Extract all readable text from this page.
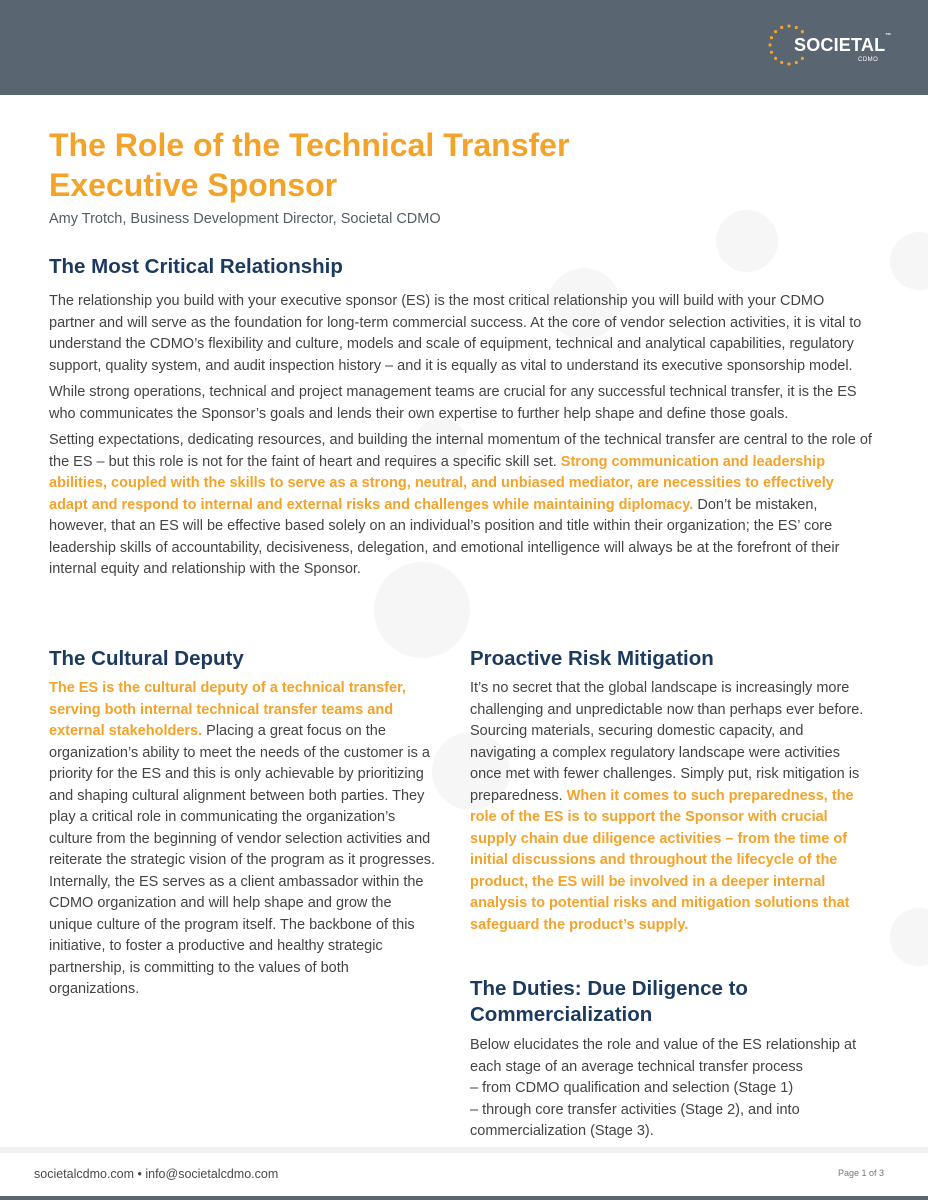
SOCIETAL™
CDMO
The Role of the Technical Transfer
Executive Sponsor

Amy Trotch, Business Development Director, Societal CDMO

The Most Critical Relationship

The relationship you build with your executive sponsor (ES) is the most critical relationship you will build with your CDMO partner and will serve as the foundation for long-term commercial success. At the core of vendor selection activities, it is vital to understand the CDMO’s flexibility and culture, models and scale of equipment, technical and analytical capabilities, regulatory support, quality system, and audit inspection history – and it is equally as vital to understand its executive sponsorship model.

While strong operations, technical and project management teams are crucial for any successful technical transfer, it is the ES who communicates the Sponsor’s goals and lends their own expertise to further help shape and define those goals.

Setting expectations, dedicating resources, and building the internal momentum of the technical transfer are central to the role of the ES – but this role is not for the faint of heart and requires a specific skill set. Strong communication and leadership abilities, coupled with the skills to serve as a strong, neutral, and unbiased mediator, are necessities to effectively adapt and respond to internal and external risks and challenges while maintaining diplomacy. Don’t be mistaken, however, that an ES will be effective based solely on an individual’s position and title within their organization; the ES’ core leadership skills of accountability, decisiveness, delegation, and emotional intelligence will always be at the forefront of their internal equity and relationship with the Sponsor.

The Cultural Deputy

The ES is the cultural deputy of a technical transfer, serving both internal technical transfer teams and external stakeholders. Placing a great focus on the organization’s ability to meet the needs of the customer is a priority for the ES and this is only achievable by prioritizing and shaping cultural alignment between both parties. They play a critical role in communicating the organization’s culture from the beginning of vendor selection activities and reiterate the strategic vision of the program as it progresses. Internally, the ES serves as a client ambassador within the CDMO organization and will help shape and grow the unique culture of the program itself. The backbone of this initiative, to foster a productive and healthy strategic partnership, is committing to the values of both organizations.

Proactive Risk Mitigation

It’s no secret that the global landscape is increasingly more challenging and unpredictable now than perhaps ever before. Sourcing materials, securing domestic capacity, and navigating a complex regulatory landscape were activities once met with fewer challenges. Simply put, risk mitigation is preparedness. When it comes to such preparedness, the role of the ES is to support the Sponsor with crucial supply chain due diligence activities – from the time of initial discussions and throughout the lifecycle of the product, the ES will be involved in a deeper internal analysis to potential risks and mitigation solutions that safeguard the product’s supply.

The Duties: Due Diligence to
Commercialization

Below elucidates the role and value of the ES relationship at each stage of an average technical transfer process
– from CDMO qualification and selection (Stage 1)
– through core transfer activities (Stage 2), and into commercialization (Stage 3).

societalcdmo.com • info@societalcdmo.com	Page 1 of 3
